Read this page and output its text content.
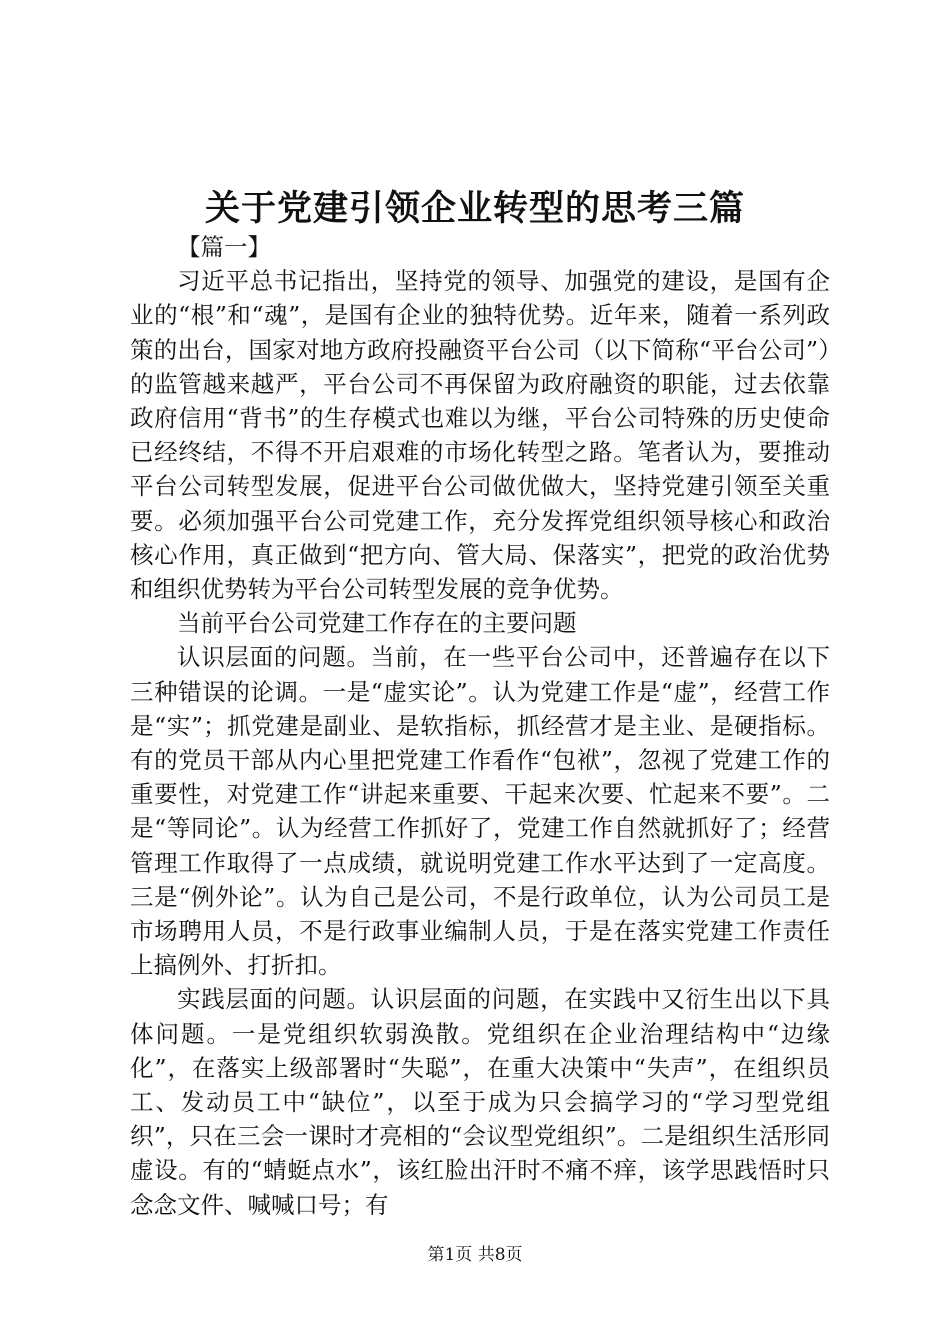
关于党建引领企业转型的思考三篇

【篇一】

习近平总书记指出，坚持党的领导、加强党的建设，是国有企业的“根”和“魂”，是国有企业的独特优势。近年来，随着一系列政策的出台，国家对地方政府投融资平台公司（以下简称“平台公司”）的监管越来越严，平台公司不再保留为政府融资的职能，过去依靠政府信用“背书”的生存模式也难以为继，平台公司特殊的历史使命已经终结，不得不开启艰难的市场化转型之路。笔者认为，要推动平台公司转型发展，促进平台公司做优做大，坚持党建引领至关重要。必须加强平台公司党建工作，充分发挥党组织领导核心和政治核心作用，真正做到“把方向、管大局、保落实”，把党的政治优势和组织优势转为平台公司转型发展的竞争优势。

当前平台公司党建工作存在的主要问题

认识层面的问题。当前，在一些平台公司中，还普遍存在以下三种错误的论调。一是“虚实论”。认为党建工作是“虚”，经营工作是“实”；抓党建是副业、是软指标，抓经营才是主业、是硬指标。有的党员干部从内心里把党建工作看作“包袱”，忽视了党建工作的重要性，对党建工作“讲起来重要、干起来次要、忙起来不要”。二是“等同论”。认为经营工作抓好了，党建工作自然就抓好了；经营管理工作取得了一点成绩，就说明党建工作水平达到了一定高度。三是“例外论”。认为自己是公司，不是行政单位，认为公司员工是市场聘用人员，不是行政事业编制人员，于是在落实党建工作责任上搞例外、打折扣。

实践层面的问题。认识层面的问题，在实践中又衍生出以下具体问题。一是党组织软弱涣散。党组织在企业治理结构中“边缘化”，在落实上级部署时“失聪”，在重大决策中“失声”，在组织员工、发动员工中“缺位”，以至于成为只会搞学习的“学习型党组织”，只在三会一课时才亮相的“会议型党组织”。二是组织生活形同虚设。有的“蜻蜓点水”，该红脸出汗时不痛不痒，该学思践悟时只念念文件、喊喊口号；有

第1页 共8页
